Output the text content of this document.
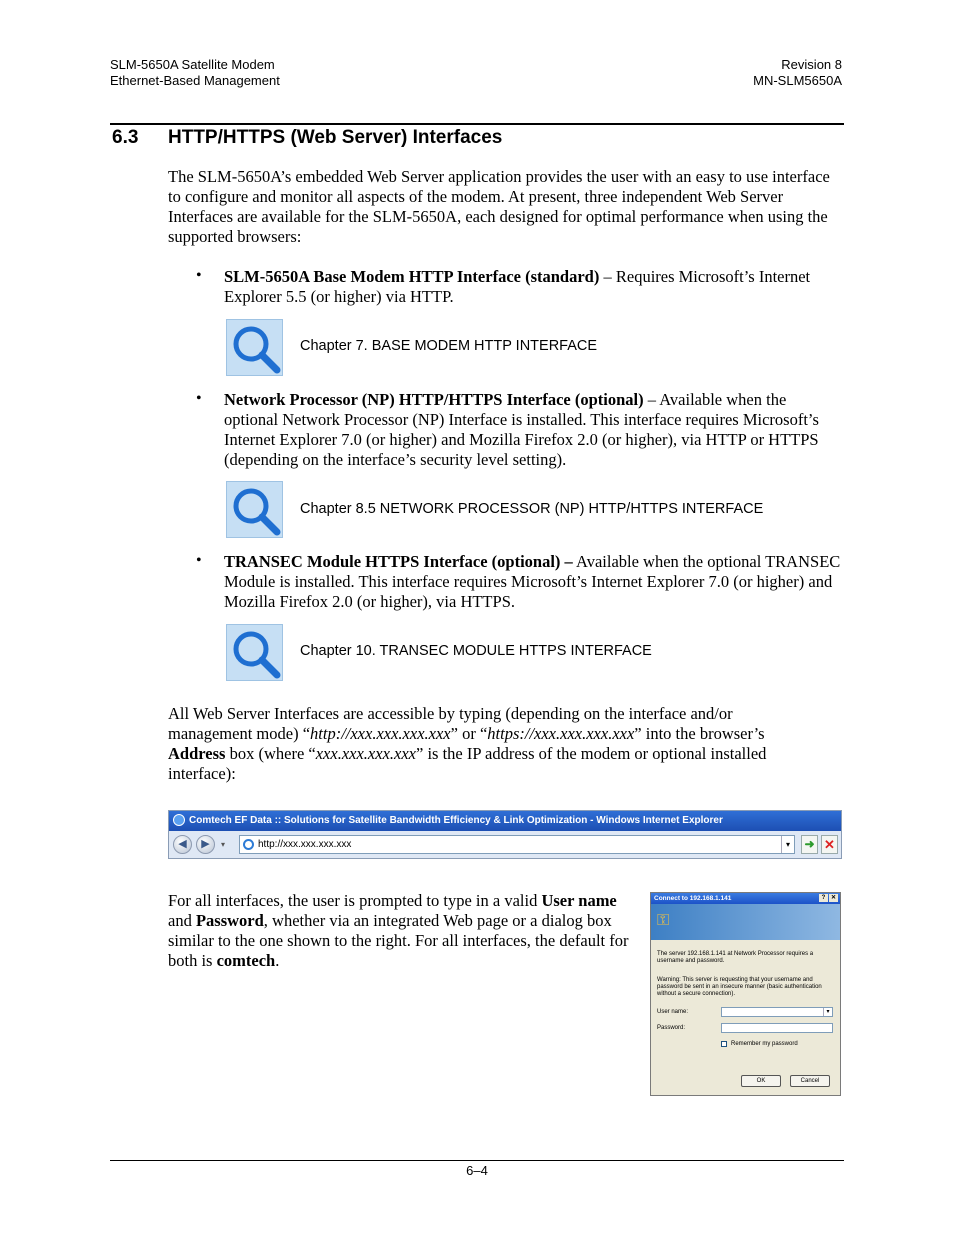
SLM-5650A Satellite Modem
Ethernet-Based Management
Revision 8
MN-SLM5650A
6.3 HTTP/HTTPS (Web Server) Interfaces
The SLM-5650A’s embedded Web Server application provides the user with an easy to use interface to configure and monitor all aspects of the modem. At present, three independent Web Server Interfaces are available for the SLM-5650A, each designed for optimal performance when using the supported browsers:
• SLM-5650A Base Modem HTTP Interface (standard) – Requires Microsoft’s Internet Explorer 5.5 (or higher) via HTTP.
Chapter 7. BASE MODEM HTTP INTERFACE
• Network Processor (NP) HTTP/HTTPS Interface (optional) – Available when the optional Network Processor (NP) Interface is installed. This interface requires Microsoft’s Internet Explorer 7.0 (or higher) and Mozilla Firefox 2.0 (or higher), via HTTP or HTTPS (depending on the interface’s security level setting).
Chapter 8.5 NETWORK PROCESSOR (NP) HTTP/HTTPS INTERFACE
• TRANSEC Module HTTPS Interface (optional) – Available when the optional TRANSEC Module is installed. This interface requires Microsoft’s Internet Explorer 7.0 (or higher) and Mozilla Firefox 2.0 (or higher), via HTTPS.
Chapter 10. TRANSEC MODULE HTTPS INTERFACE
All Web Server Interfaces are accessible by typing (depending on the interface and/or management mode) “http://xxx.xxx.xxx.xxx” or “https://xxx.xxx.xxx.xxx” into the browser’s Address box (where “xxx.xxx.xxx.xxx” is the IP address of the modem or optional installed interface):
Comtech EF Data :: Solutions for Satellite Bandwidth Efficiency & Link Optimization - Windows Internet Explorer
◀	▶	▾	http://xxx.xxx.xxx.xxx	▾	➜ ✕
For all interfaces, the user is prompted to type in a valid User name and Password, whether via an integrated Web page or a dialog box similar to the one shown to the right. For all interfaces, the default for both is comtech.
Connect to 192.168.1.141	? ✕
⚿
The server 192.168.1.141 at Network Processor requires a username and password.
Warning: This server is requesting that your username and password be sent in an insecure manner (basic authentication without a secure connection).
User name:	▾
Password:
Remember my password
OK	Cancel
6–4
